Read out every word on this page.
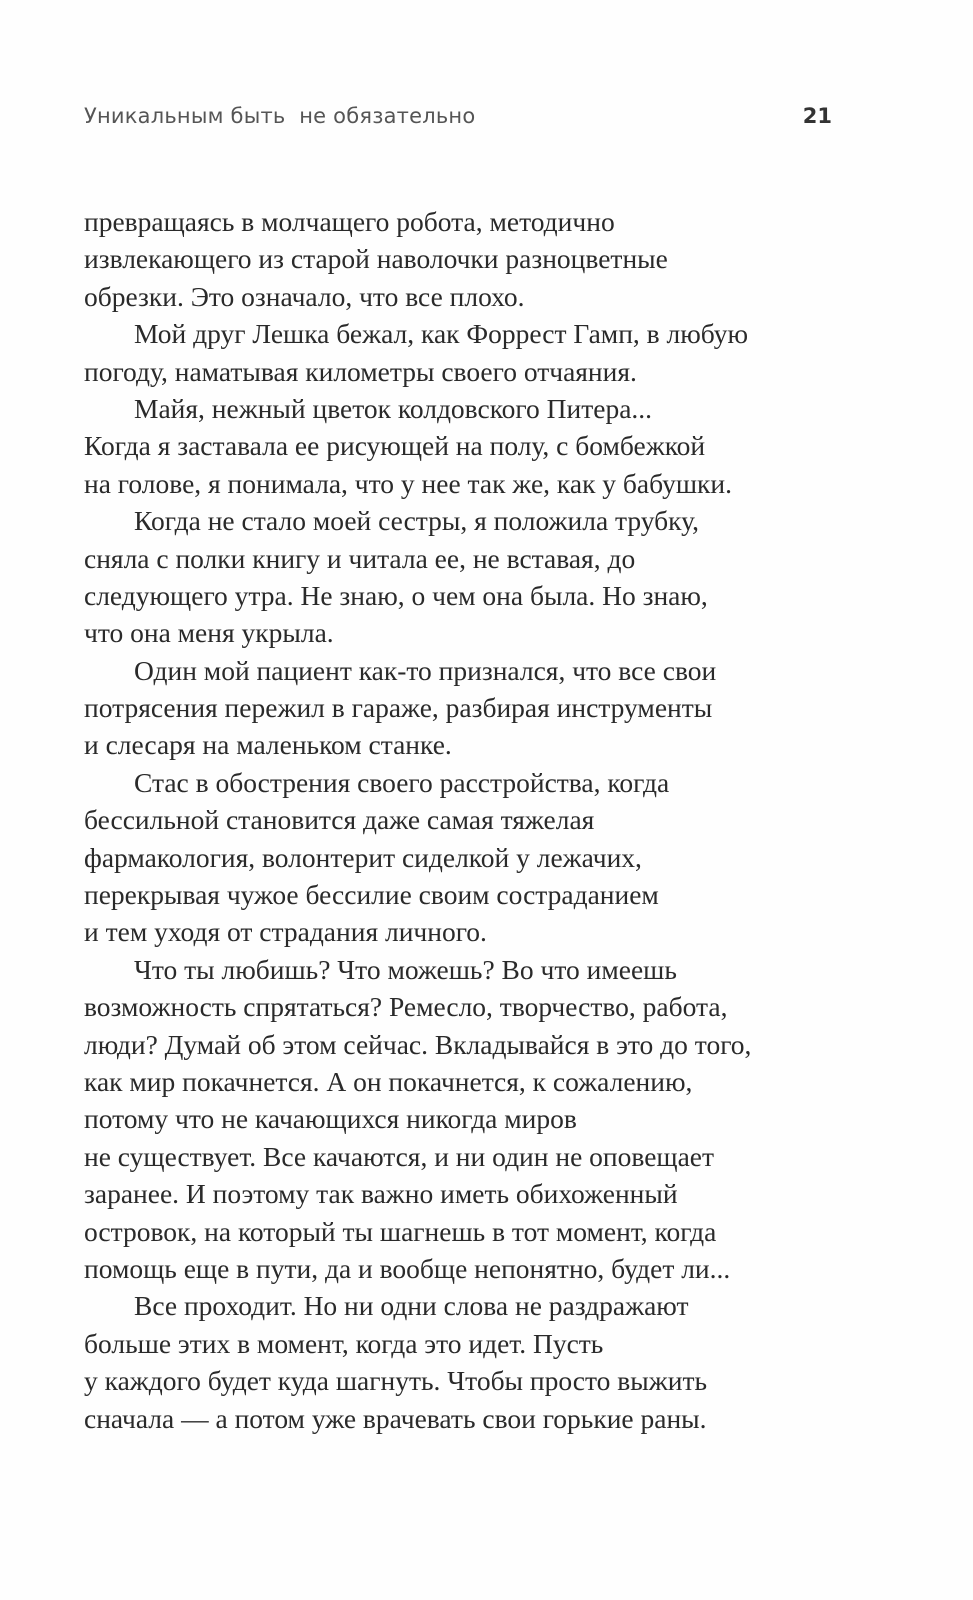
Уникальным быть  не обязательно	21
превращаясь в молчащего робота, методично
извлекающего из старой наволочки разноцветные
обрезки. Это означало, что все плохо.
Мой друг Лешка бежал, как Форрест Гамп, в любую
погоду, наматывая километры своего отчаяния.
Майя, нежный цветок колдовского Питера...
Когда я заставала ее рисующей на полу, с бомбежкой
на голове, я понимала, что у нее так же, как у бабушки.
Когда не стало моей сестры, я положила трубку,
сняла с полки книгу и читала ее, не вставая, до
следующего утра. Не знаю, о чем она была. Но знаю,
что она меня укрыла.
Один мой пациент как-то признался, что все свои
потрясения пережил в гараже, разбирая инструменты
и слесаря на маленьком станке.
Стас в обострения своего расстройства, когда
бессильной становится даже самая тяжелая
фармакология, волонтерит сиделкой у лежачих,
перекрывая чужое бессилие своим состраданием
и тем уходя от страдания личного.
Что ты любишь? Что можешь? Во что имеешь
возможность спрятаться? Ремесло, творчество, работа,
люди? Думай об этом сейчас. Вкладывайся в это до того,
как мир покачнется. А он покачнется, к сожалению,
потому что не качающихся никогда миров
не существует. Все качаются, и ни один не оповещает
заранее. И поэтому так важно иметь обихоженный
островок, на который ты шагнешь в тот момент, когда
помощь еще в пути, да и вообще непонятно, будет ли...
Все проходит. Но ни одни слова не раздражают
больше этих в момент, когда это идет. Пусть
у каждого будет куда шагнуть. Чтобы просто выжить
сначала — а потом уже врачевать свои горькие раны.
